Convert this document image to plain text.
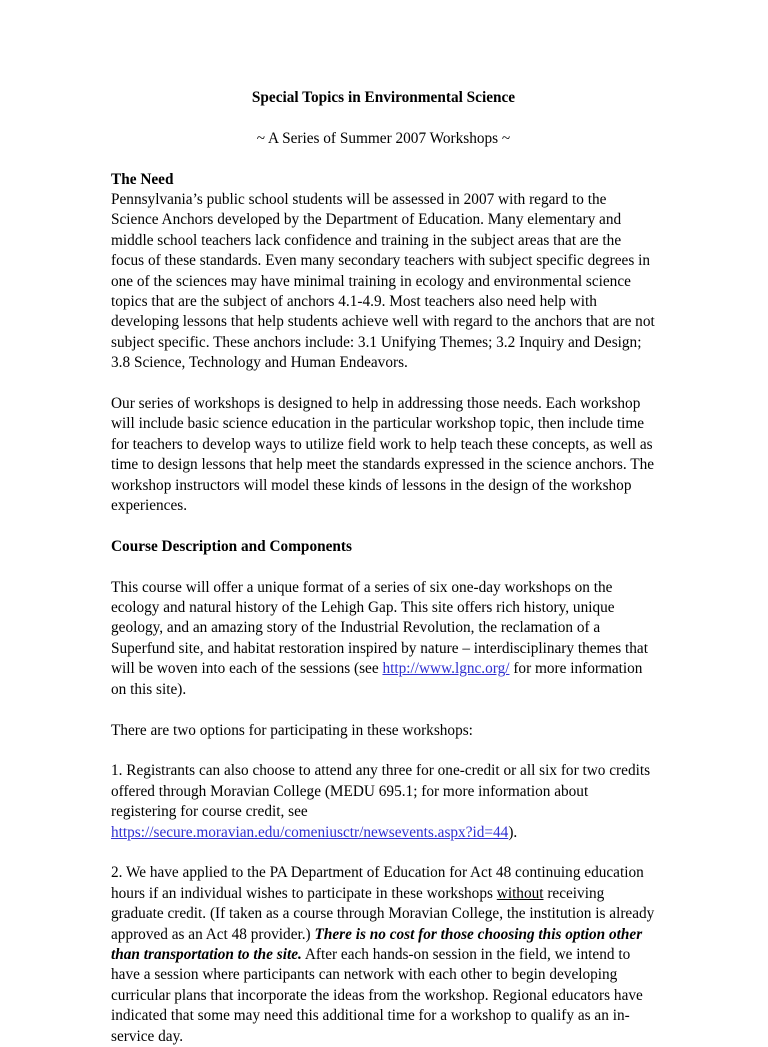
Special Topics in Environmental Science
~ A Series of Summer 2007 Workshops ~

The Need

Pennsylvania’s public school students will be assessed in 2007 with regard to the Science Anchors developed by the Department of Education. Many elementary and middle school teachers lack confidence and training in the subject areas that are the focus of these standards. Even many secondary teachers with subject specific degrees in one of the sciences may have minimal training in ecology and environmental science topics that are the subject of anchors 4.1-4.9. Most teachers also need help with developing lessons that help students achieve well with regard to the anchors that are not subject specific. These anchors include: 3.1 Unifying Themes; 3.2 Inquiry and Design; 3.8 Science, Technology and Human Endeavors.

Our series of workshops is designed to help in addressing those needs. Each workshop will include basic science education in the particular workshop topic, then include time for teachers to develop ways to utilize field work to help teach these concepts, as well as time to design lessons that help meet the standards expressed in the science anchors. The workshop instructors will model these kinds of lessons in the design of the workshop experiences.

Course Description and Components

This course will offer a unique format of a series of six one-day workshops on the ecology and natural history of the Lehigh Gap. This site offers rich history, unique geology, and an amazing story of the Industrial Revolution, the reclamation of a Superfund site, and habitat restoration inspired by nature – interdisciplinary themes that will be woven into each of the sessions (see http://www.lgnc.org/ for more information on this site).

There are two options for participating in these workshops:

1. Registrants can also choose to attend any three for one-credit or all six for two credits offered through Moravian College (MEDU 695.1; for more information about registering for course credit, see https://secure.moravian.edu/comeniusctr/newsevents.aspx?id=44).

2. We have applied to the PA Department of Education for Act 48 continuing education hours if an individual wishes to participate in these workshops without receiving graduate credit. (If taken as a course through Moravian College, the institution is already approved as an Act 48 provider.) There is no cost for those choosing this option other than transportation to the site. After each hands-on session in the field, we intend to have a session where participants can network with each other to begin developing curricular plans that incorporate the ideas from the workshop. Regional educators have indicated that some may need this additional time for a workshop to qualify as an in-service day.
